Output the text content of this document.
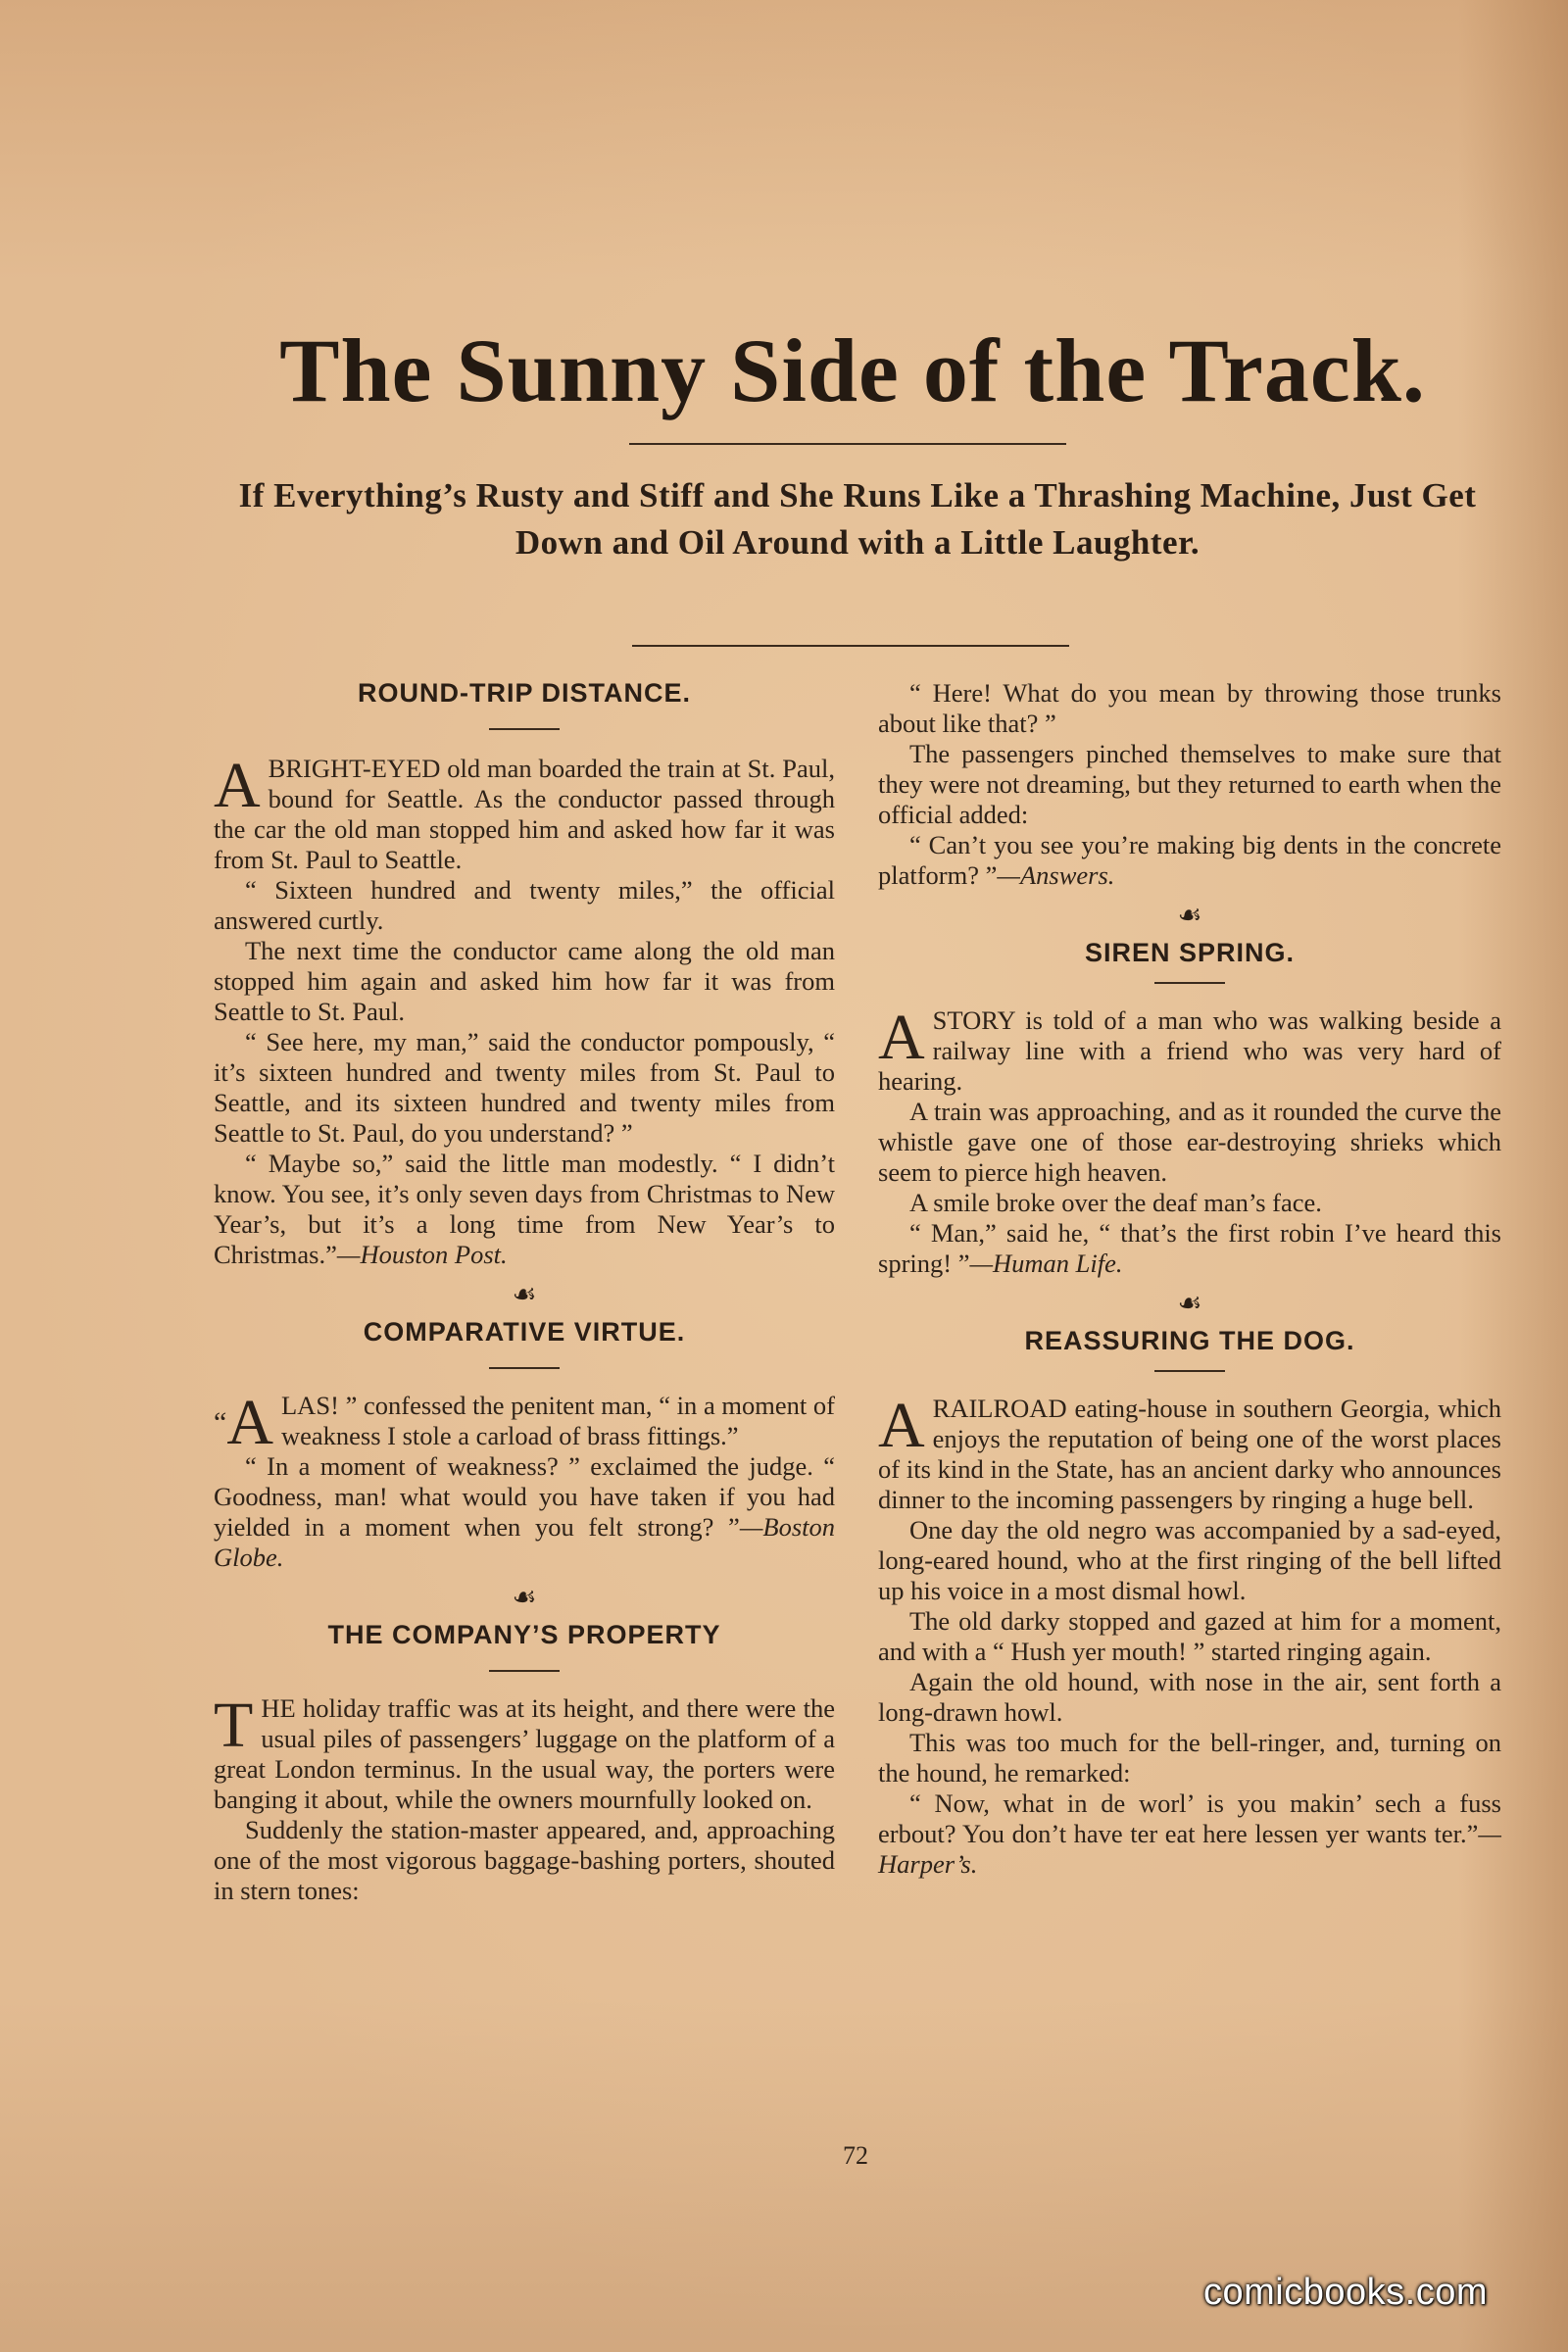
The Sunny Side of the Track.

If Everything’s Rusty and Stiff and She Runs Like a Thrashing Machine, Just Get Down and Oil Around with a Little Laughter.

ROUND-TRIP DISTANCE.

ABRIGHT-EYED old man boarded the train at St. Paul, bound for Seattle. As the conductor passed through the car the old man stopped him and asked how far it was from St. Paul to Seattle.

“ Sixteen hundred and twenty miles,” the official answered curtly.

The next time the conductor came along the old man stopped him again and asked him how far it was from Seattle to St. Paul.

“ See here, my man,” said the conductor pompously, “ it’s sixteen hundred and twenty miles from St. Paul to Seattle, and its sixteen hundred and twenty miles from Seattle to St. Paul, do you understand? ”

“ Maybe so,” said the little man modestly. “ I didn’t know. You see, it’s only seven days from Christmas to New Year’s, but it’s a long time from New Year’s to Christmas.”—Houston Post.

☙
COMPARATIVE VIRTUE.

“A LAS! ” confessed the penitent man, “ in a moment of weakness I stole a carload of brass fittings.”

“ In a moment of weakness? ” exclaimed the judge. “ Goodness, man! what would you have taken if you had yielded in a moment when you felt strong? ”—Boston Globe.

☙
THE COMPANY’S PROPERTY

THE holiday traffic was at its height, and there were the usual piles of passengers’ luggage on the platform of a great London terminus. In the usual way, the porters were banging it about, while the owners mournfully looked on.

Suddenly the station-master appeared, and, approaching one of the most vigorous baggage-bashing porters, shouted in stern tones:

“ Here! What do you mean by throwing those trunks about like that? ”

The passengers pinched themselves to make sure that they were not dreaming, but they returned to earth when the official added:

“ Can’t you see you’re making big dents in the concrete platform? ”—Answers.

☙
SIREN SPRING.

ASTORY is told of a man who was walking beside a railway line with a friend who was very hard of hearing.

A train was approaching, and as it rounded the curve the whistle gave one of those ear-destroying shrieks which seem to pierce high heaven.

A smile broke over the deaf man’s face.

“ Man,” said he, “ that’s the first robin I’ve heard this spring! ”—Human Life.

☙
REASSURING THE DOG.

ARAILROAD eating-house in southern Georgia, which enjoys the reputation of being one of the worst places of its kind in the State, has an ancient darky who announces dinner to the incoming passengers by ringing a huge bell.

One day the old negro was accompanied by a sad-eyed, long-eared hound, who at the first ringing of the bell lifted up his voice in a most dismal howl.

The old darky stopped and gazed at him for a moment, and with a “ Hush yer mouth! ” started ringing again.

Again the old hound, with nose in the air, sent forth a long-drawn howl.

This was too much for the bell-ringer, and, turning on the hound, he remarked:

“ Now, what in de worl’ is you makin’ sech a fuss erbout? You don’t have ter eat here lessen yer wants ter.”—Harper’s.

72
comicbooks.com
